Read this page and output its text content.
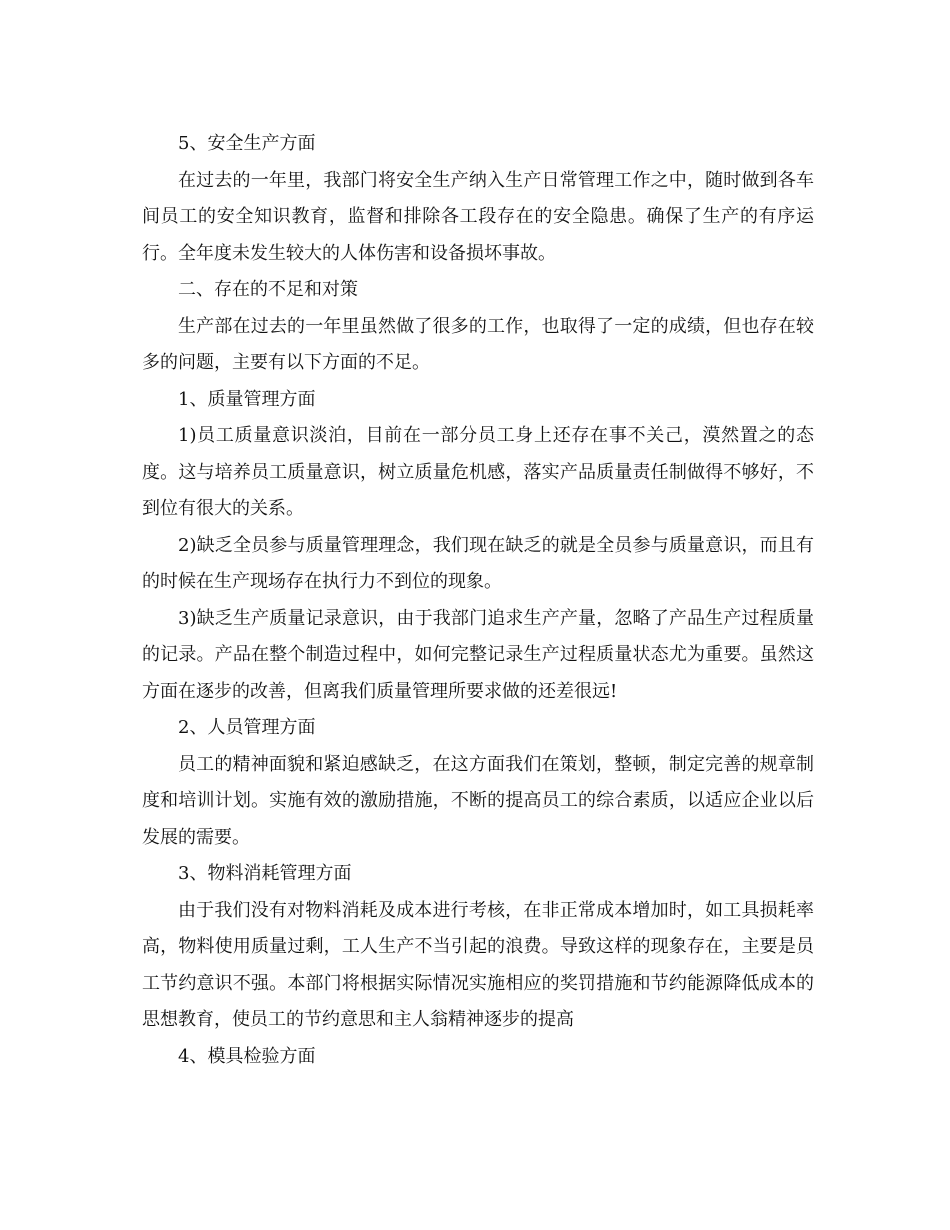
5、安全生产方面

在过去的一年里，我部门将安全生产纳入生产日常管理工作之中，随时做到各车间员工的安全知识教育，监督和排除各工段存在的安全隐患。确保了生产的有序运行。全年度未发生较大的人体伤害和设备损坏事故。

二、存在的不足和对策

生产部在过去的一年里虽然做了很多的工作，也取得了一定的成绩，但也存在较多的问题，主要有以下方面的不足。

1、质量管理方面

1)员工质量意识淡泊，目前在一部分员工身上还存在事不关己，漠然置之的态度。这与培养员工质量意识，树立质量危机感，落实产品质量责任制做得不够好，不到位有很大的关系。

2)缺乏全员参与质量管理理念，我们现在缺乏的就是全员参与质量意识，而且有的时候在生产现场存在执行力不到位的现象。

3)缺乏生产质量记录意识，由于我部门追求生产产量，忽略了产品生产过程质量的记录。产品在整个制造过程中，如何完整记录生产过程质量状态尤为重要。虽然这方面在逐步的改善，但离我们质量管理所要求做的还差很远!

2、人员管理方面

员工的精神面貌和紧迫感缺乏，在这方面我们在策划，整顿，制定完善的规章制度和培训计划。实施有效的激励措施，不断的提高员工的综合素质，以适应企业以后发展的需要。

3、物料消耗管理方面

由于我们没有对物料消耗及成本进行考核，在非正常成本增加时，如工具损耗率高，物料使用质量过剩，工人生产不当引起的浪费。导致这样的现象存在，主要是员工节约意识不强。本部门将根据实际情况实施相应的奖罚措施和节约能源降低成本的思想教育，使员工的节约意思和主人翁精神逐步的提高

4、模具检验方面
